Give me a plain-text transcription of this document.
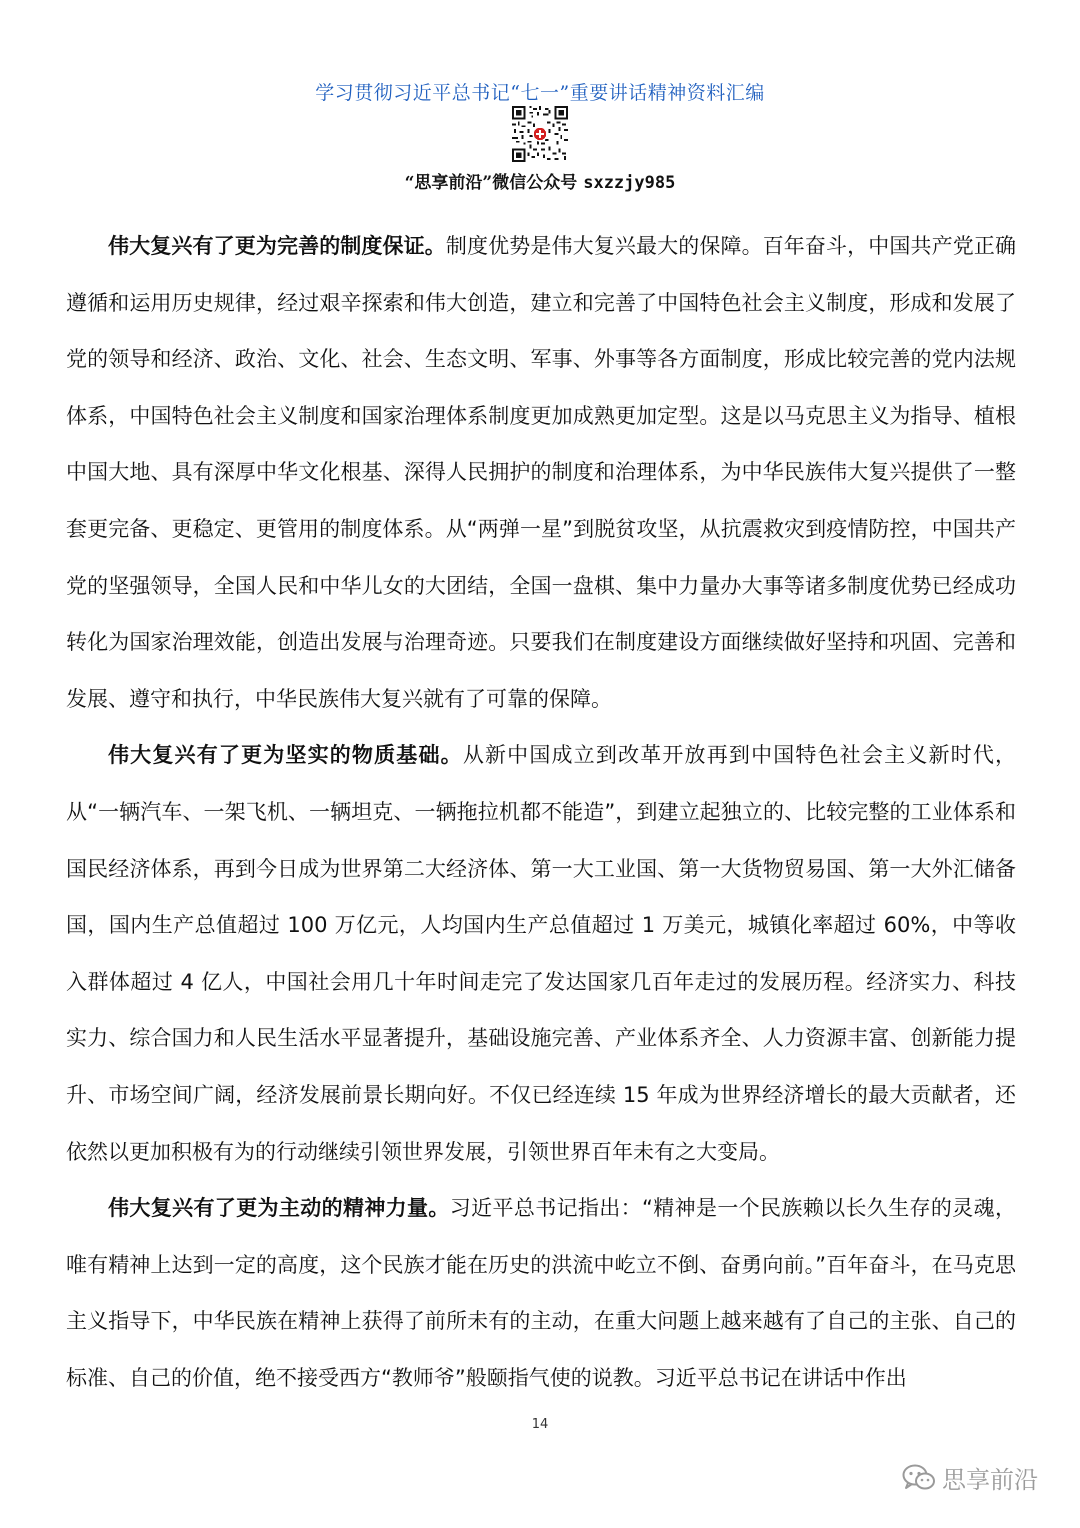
学习贯彻习近平总书记“七一”重要讲话精神资料汇编
“思享前沿”微信公众号 sxzzjy985

伟大复兴有了更为完善的制度保证。制度优势是伟大复兴最大的保障。百年奋斗，中国共产党正确遵循和运用历史规律，经过艰辛探索和伟大创造，建立和完善了中国特色社会主义制度，形成和发展了党的领导和经济、政治、文化、社会、生态文明、军事、外事等各方面制度，形成比较完善的党内法规体系，中国特色社会主义制度和国家治理体系制度更加成熟更加定型。这是以马克思主义为指导、植根中国大地、具有深厚中华文化根基、深得人民拥护的制度和治理体系，为中华民族伟大复兴提供了一整套更完备、更稳定、更管用的制度体系。从“两弹一星”到脱贫攻坚，从抗震救灾到疫情防控，中国共产党的坚强领导，全国人民和中华儿女的大团结，全国一盘棋、集中力量办大事等诸多制度优势已经成功转化为国家治理效能，创造出发展与治理奇迹。只要我们在制度建设方面继续做好坚持和巩固、完善和发展、遵守和执行，中华民族伟大复兴就有了可靠的保障。

伟大复兴有了更为坚实的物质基础。从新中国成立到改革开放再到中国特色社会主义新时代，从“一辆汽车、一架飞机、一辆坦克、一辆拖拉机都不能造”，到建立起独立的、比较完整的工业体系和国民经济体系，再到今日成为世界第二大经济体、第一大工业国、第一大货物贸易国、第一大外汇储备国，国内生产总值超过 100 万亿元，人均国内生产总值超过 1 万美元，城镇化率超过 60%，中等收入群体超过 4 亿人，中国社会用几十年时间走完了发达国家几百年走过的发展历程。经济实力、科技实力、综合国力和人民生活水平显著提升，基础设施完善、产业体系齐全、人力资源丰富、创新能力提升、市场空间广阔，经济发展前景长期向好。不仅已经连续 15 年成为世界经济增长的最大贡献者，还依然以更加积极有为的行动继续引领世界发展，引领世界百年未有之大变局。

伟大复兴有了更为主动的精神力量。习近平总书记指出：“精神是一个民族赖以长久生存的灵魂，唯有精神上达到一定的高度，这个民族才能在历史的洪流中屹立不倒、奋勇向前。”百年奋斗，在马克思主义指导下，中华民族在精神上获得了前所未有的主动，在重大问题上越来越有了自己的主张、自己的标准、自己的价值，绝不接受西方“教师爷”般颐指气使的说教。习近平总书记在讲话中作出

14
思享前沿
